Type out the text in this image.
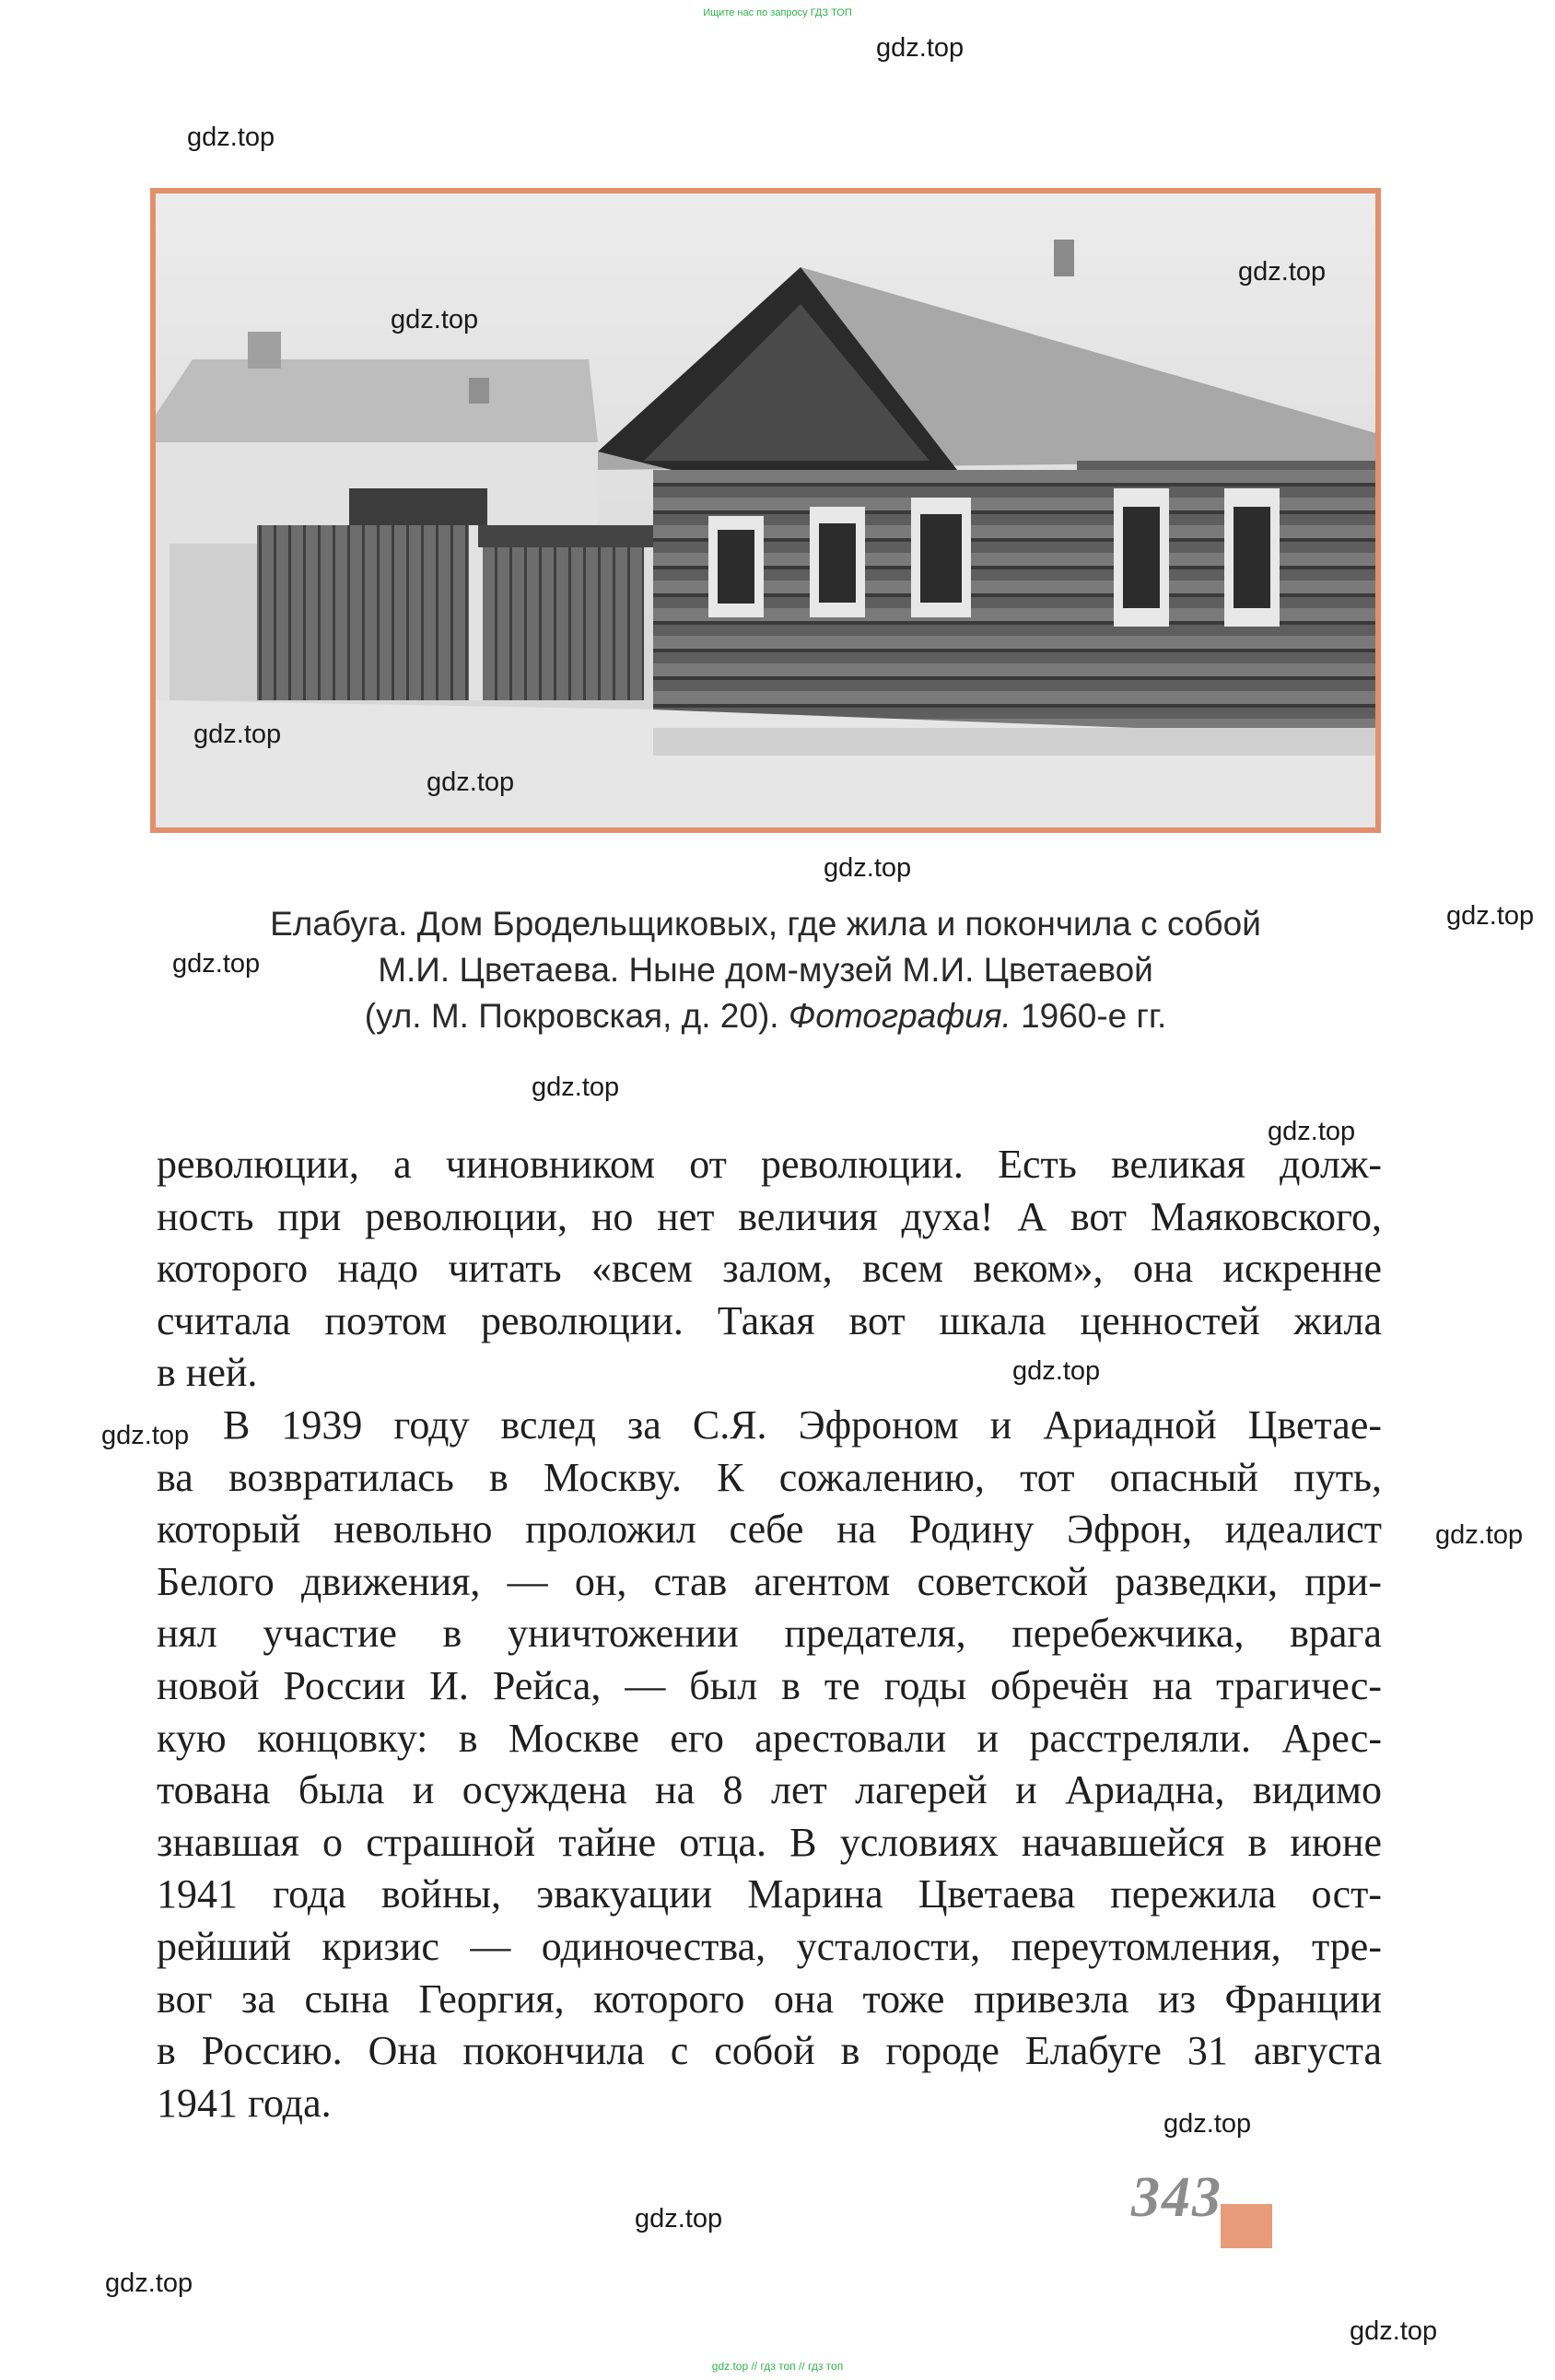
Ищите нас по запросу ГДЗ ТОП
Елабуга. Дом Бродельщиковых, где жила и покончила с собой
М.И. Цветаева. Ныне дом-музей М.И. Цветаевой
(ул. М. Покровская, д. 20). Фотография. 1960-е гг.
революции, а чиновником от революции. Есть великая долж-
ность при революции, но нет величия духа! А вот Маяковского,
которого надо читать «всем залом, всем веком», она искренне
считала поэтом революции. Такая вот шкала ценностей жила
в ней.
В 1939 году вслед за С.Я. Эфроном и Ариадной Цветае-
ва возвратилась в Москву. К сожалению, тот опасный путь,
который невольно проложил себе на Родину Эфрон, идеалист
Белого движения, — он, став агентом советской разведки, при-
нял участие в уничтожении предателя, перебежчика, врага
новой России И. Рейса, — был в те годы обречён на трагичес-
кую концовку: в Москве его арестовали и расстреляли. Арес-
тована была и осуждена на 8 лет лагерей и Ариадна, видимо
знавшая о страшной тайне отца. В условиях начавшейся в июне
1941 года войны, эвакуации Марина Цветаева пережила ост-
рейший кризис — одиночества, усталости, переутомления, тре-
вог за сына Георгия, которого она тоже привезла из Франции
в Россию. Она покончила с собой в городе Елабуге 31 августа
1941 года.
343
gdz.top
gdz.top
gdz.top
gdz.top
gdz.top
gdz.top
gdz.top
gdz.top
gdz.top
gdz.top
gdz.top
gdz.top
gdz.top
gdz.top
gdz.top
gdz.top
gdz.top
gdz.top
gdz.top // гдз топ // гдз топ
